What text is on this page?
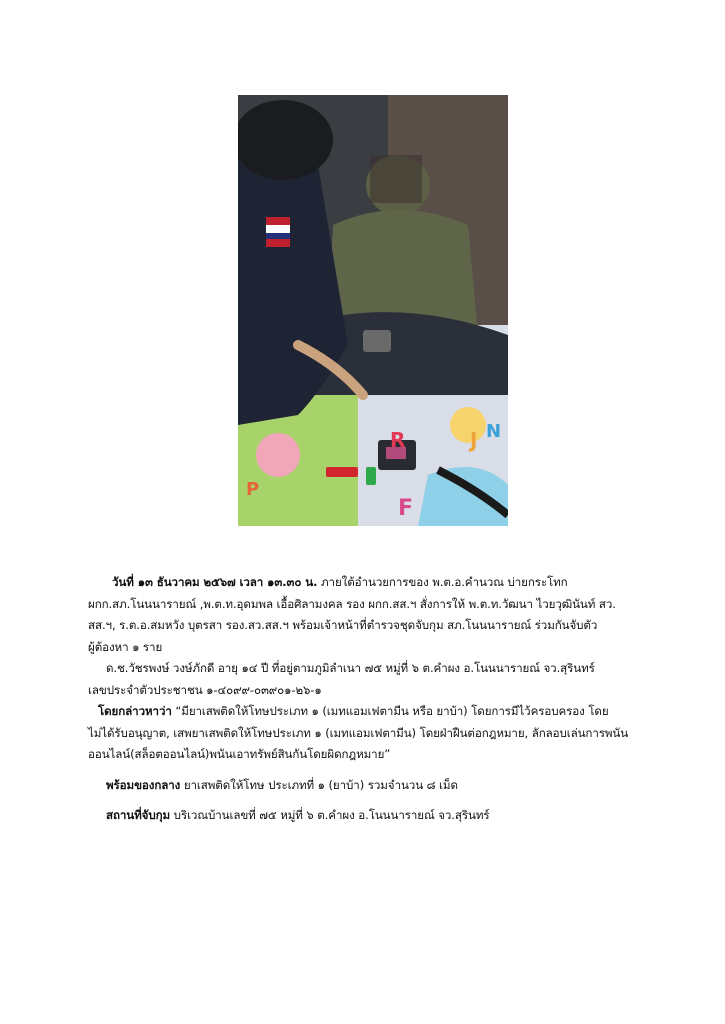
R	J N
P
F

วันที่ ๑๓ ธันวาคม ๒๕๖๗ เวลา ๑๓.๓๐ น. ภายใต้อำนวยการของ พ.ต.อ.คำนวณ บ่ายกระโทก

ผกก.สภ.โนนนารายณ์ ,พ.ต.ท.อุดมพล เอื้อศิลามงคล รอง ผกก.สส.ฯ สั่งการให้ พ.ต.ท.วัฒนา ไวยวุฒินันท์ สว.

สส.ฯ, ร.ต.อ.สมหวัง บุตรสา รอง.สว.สส.ฯ พร้อมเจ้าหน้าที่ตำรวจชุดจับกุม สภ.โนนนารายณ์ ร่วมกันจับตัว

ผู้ต้องหา ๑ ราย

ด.ช.วัชรพงษ์ วงษ์ภักดี อายุ ๑๔ ปี ที่อยู่ตามภูมิลำเนา ๗๕ หมู่ที่ ๖ ต.คำผง อ.โนนนารายณ์ จว.สุรินทร์

เลขประจำตัวประชาชน ๑-๔๐๙๙-๐๓๙๐๑-๒๖-๑

โดยกล่าวหาว่า “มียาเสพติดให้โทษประเภท ๑ (เมทแอมเฟตามีน หรือ ยาบ้า) โดยการมีไว้ครอบครอง โดย

ไม่ได้รับอนุญาต, เสพยาเสพติดให้โทษประเภท ๑ (เมทแอมเฟตามีน) โดยฝ่าฝืนต่อกฎหมาย, ลักลอบเล่นการพนัน

ออนไลน์(สล็อตออนไลน์)พนันเอาทรัพย์สินกันโดยผิดกฎหมาย”

พร้อมของกลาง ยาเสพติดให้โทษ ประเภทที่ ๑ (ยาบ้า) รวมจำนวน ๘ เม็ด

สถานที่จับกุม บริเวณบ้านเลขที่ ๗๕ หมู่ที่ ๖ ต.คำผง อ.โนนนารายณ์ จว.สุรินทร์
